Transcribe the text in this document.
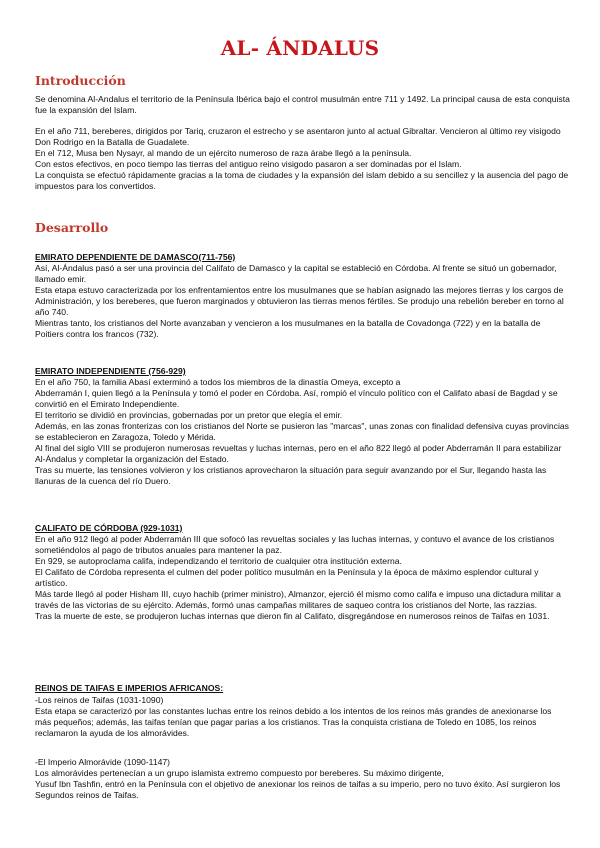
AL- ÁNDALUS
Introducción

Se denomina Al-Andalus el territorio de la Península Ibérica bajo el control musulmán entre 711 y 1492. La principal causa de esta conquista fue la expansión del Islam.

En el año 711, bereberes, dirigidos por Tariq, cruzaron el estrecho y se asentaron junto al actual Gibraltar. Vencieron al último rey visigodo Don Rodrigo en la Batalla de Guadalete.

En el 712, Musa ben Nysayr, al mando de un ejército numeroso de raza árabe llegó a la península.

Con estos efectivos, en poco tiempo las tierras del antiguo reino visigodo pasaron a ser dominadas por el Islam.

La conquista se efectuó rápidamente gracias a la toma de ciudades y la expansión del islam debido a su sencillez y la ausencia del pago de impuestos para los convertidos.

Desarrollo
EMIRATO DEPENDIENTE DE DAMASCO(711-756)

Así, Al-Ándalus pasó a ser una provincia del Califato de Damasco y la capital se estableció en Córdoba. Al frente se situó un gobernador, llamado emir.

Esta etapa estuvo caracterizada por los enfrentamientos entre los musulmanes que se habían asignado las mejores tierras y los cargos de Administración, y los bereberes, que fueron marginados y obtuvieron las tierras menos fértiles. Se produjo una rebelión bereber en torno al año 740.

Mientras tanto, los cristianos del Norte avanzaban y vencieron a los musulmanes en la batalla de Covadonga (722) y en la batalla de Poitiers contra los francos (732).

EMIRATO INDEPENDIENTE (756-929)

En el año 750, la familia Abasí exterminó a todos los miembros de la dinastía Omeya, excepto a

Abderramán I, quien llegó a la Península y tomó el poder en Córdoba. Así, rompió el vínculo político con el Califato abasí de Bagdad y se convirtió en el Emirato Independiente.

El territorio se dividió en provincias, gobernadas por un pretor que elegía el emir.

Además, en las zonas fronterizas con los cristianos del Norte se pusieron las "marcas", unas zonas con finalidad defensiva cuyas provincias se establecieron en Zaragoza, Toledo y Mérida.

Al final del siglo VIII se produjeron numerosas revueltas y luchas internas, pero en el año 822 llegó al poder Abderramán II para estabilizar Al-Ándalus y completar la organización del Estado.

Tras su muerte, las tensiones volvieron y los cristianos aprovecharon la situación para seguir avanzando por el Sur, llegando hasta las llanuras de la cuenca del río Duero.

CALIFATO DE CÓRDOBA (929-1031)

En el año 912 llegó al poder Abderramán III que sofocó las revueltas sociales y las luchas internas, y contuvo el avance de los cristianos sometiéndolos al pago de tributos anuales para mantener la paz.

En 929, se autoproclama califa, independizando el territorio de cualquier otra institución externa.

El Califato de Córdoba representa el culmen del poder político musulmán en la Península y la época de máximo esplendor cultural y artístico.

Más tarde llegó al poder Hisham III, cuyo hachib (primer ministro), Almanzor, ejerció él mismo como califa e impuso una dictadura militar a través de las victorias de su ejército. Además, formó unas campañas militares de saqueo contra los cristianos del Norte, las razzias.

Tras la muerte de este, se produjeron luchas internas que dieron fin al Califato, disgregándose en numerosos reinos de Taifas en 1031.

REINOS DE TAIFAS E IMPERIOS AFRICANOS:

-Los reinos de Taifas (1031-1090)

Esta etapa se caracterizó por las constantes luchas entre los reinos debido a los intentos de los reinos más grandes de anexionarse los más pequeños; además, las taifas tenían que pagar parias a los cristianos. Tras la conquista cristiana de Toledo en 1085, los reinos reclamaron la ayuda de los almorávides.

-El Imperio Almorávide (1090-1147)

Los almorávides pertenecían a un grupo islamista extremo compuesto por bereberes. Su máximo dirigente,

Yusuf Ibn Tashfin, entró en la Península con el objetivo de anexionar los reinos de taifas a su imperio, pero no tuvo éxito. Así surgieron los Segundos reinos de Taifas.
